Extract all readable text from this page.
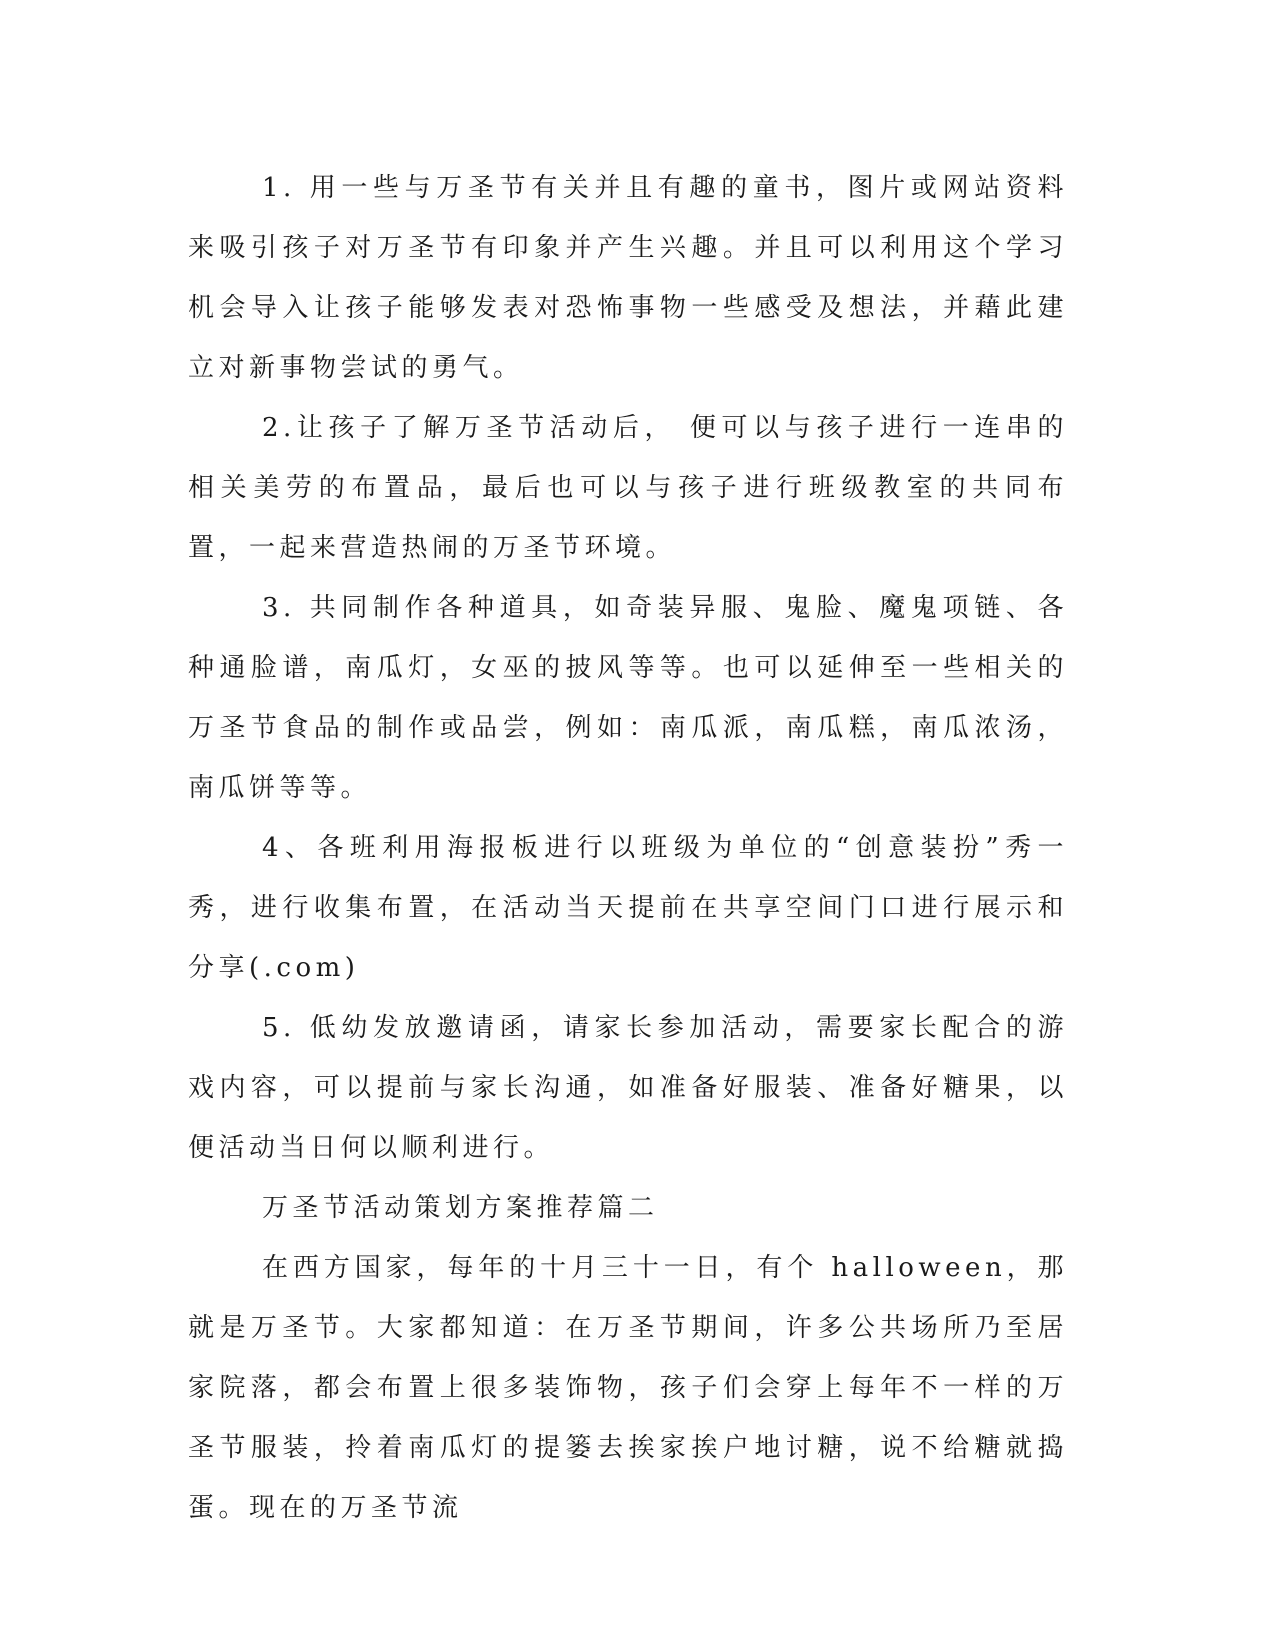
1. 用一些与万圣节有关并且有趣的童书，图片或网站资料来吸引孩子对万圣节有印象并产生兴趣。并且可以利用这个学习机会导入让孩子能够发表对恐怖事物一些感受及想法，并藉此建立对新事物尝试的勇气。

2.让孩子了解万圣节活动后， 便可以与孩子进行一连串的相关美劳的布置品，最后也可以与孩子进行班级教室的共同布置，一起来营造热闹的万圣节环境。

3. 共同制作各种道具，如奇装异服、鬼脸、魔鬼项链、各种通脸谱，南瓜灯，女巫的披风等等。也可以延伸至一些相关的万圣节食品的制作或品尝，例如：南瓜派，南瓜糕，南瓜浓汤，南瓜饼等等。

4、各班利用海报板进行以班级为单位的“创意装扮”秀一秀，进行收集布置，在活动当天提前在共享空间门口进行展示和分享(.com)

5. 低幼发放邀请函，请家长参加活动，需要家长配合的游戏内容，可以提前与家长沟通，如准备好服装、准备好糖果，以便活动当日何以顺利进行。

万圣节活动策划方案推荐篇二

在西方国家，每年的十月三十一日，有个 halloween，那就是万圣节。大家都知道：在万圣节期间，许多公共场所乃至居家院落，都会布置上很多装饰物，孩子们会穿上每年不一样的万圣节服装，拎着南瓜灯的提篓去挨家挨户地讨糖，说不给糖就捣蛋。现在的万圣节流
